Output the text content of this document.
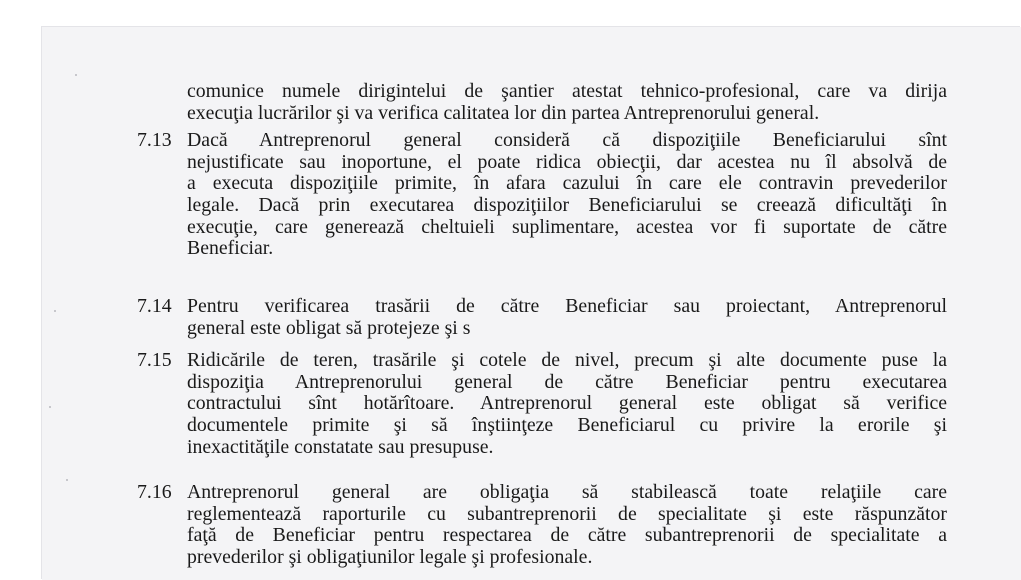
comunice numele dirigintelui de şantier atestat tehnico-profesional, care va dirija
execuţia lucrărilor şi va verifica calitatea lor din partea Antreprenorului general.
7.13 Dacă Antreprenorul general consideră că dispoziţiile Beneficiarului sînt
nejustificate sau inoportune, el poate ridica obiecţii, dar acestea nu îl absolvă de
a executa dispoziţiile primite, în afara cazului în care ele contravin prevederilor
legale. Dacă prin executarea dispoziţiilor Beneficiarului se creează dificultăţi în
execuţie, care generează cheltuieli suplimentare, acestea vor fi suportate de către
Beneficiar.
7.14 Pentru verificarea trasării de către Beneficiar sau proiectant, Antreprenorul
general este obligat să protejeze şi s
7.15 Ridicările de teren, trasările şi cotele de nivel, precum şi alte documente puse la
dispoziţia Antreprenorului general de către Beneficiar pentru executarea
contractului sînt hotărîtoare. Antreprenorul general este obligat să verifice
documentele primite şi să înştiinţeze Beneficiarul cu privire la erorile şi
inexactităţile constatate sau presupuse.
7.16 Antreprenorul general are obligaţia să stabilească toate relaţiile care
reglementează raporturile cu subantreprenorii de specialitate şi este răspunzător
faţă de Beneficiar pentru respectarea de către subantreprenorii de specialitate a
prevederilor şi obligaţiunilor legale şi profesionale.
